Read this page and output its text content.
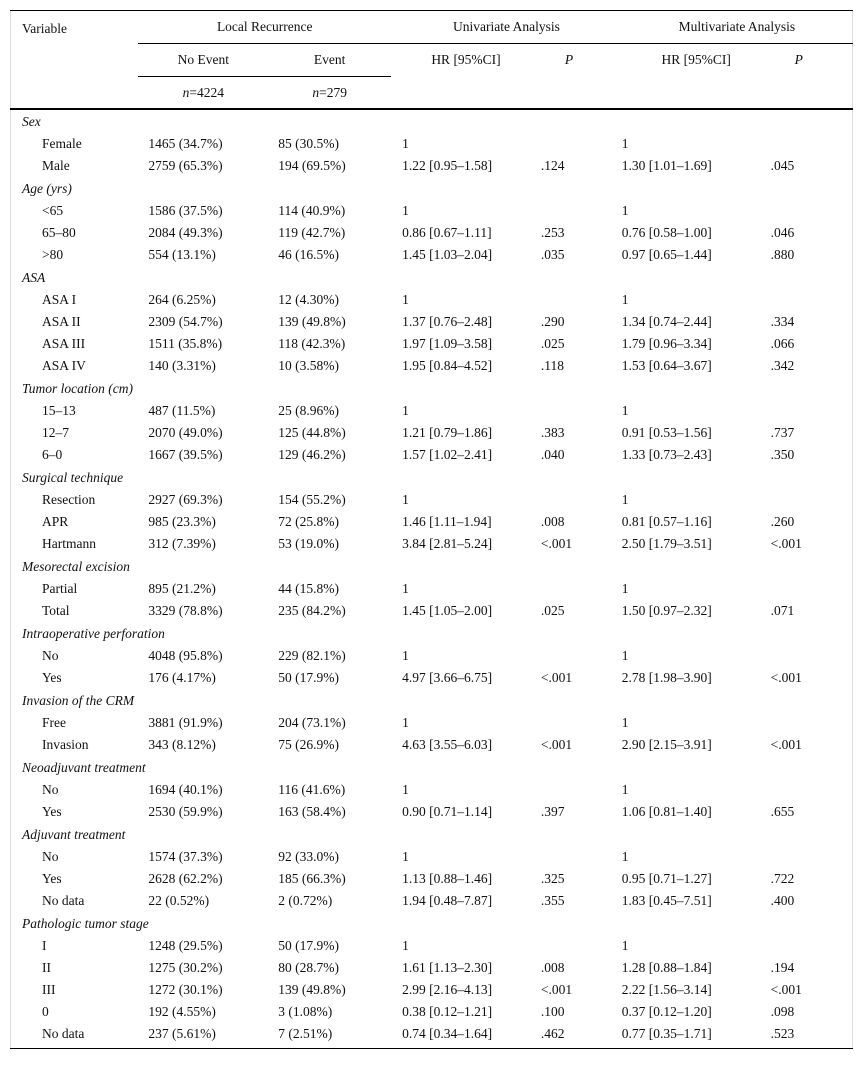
Variable	Local Recurrence		Univariate Analysis		Multivariate Analysis	
	No Event	Event	HR [95%CI]	P	HR [95%CI]	P
	n=4224	n=279				
Sex						
Female	1465 (34.7%)	85 (30.5%)	1		1	
Male	2759 (65.3%)	194 (69.5%)	1.22 [0.95–1.58]	.124	1.30 [1.01–1.69]	.045
Age (yrs)						
<65	1586 (37.5%)	114 (40.9%)	1		1	
65–80	2084 (49.3%)	119 (42.7%)	0.86 [0.67–1.11]	.253	0.76 [0.58–1.00]	.046
>80	554 (13.1%)	46 (16.5%)	1.45 [1.03–2.04]	.035	0.97 [0.65–1.44]	.880
ASA						
ASA I	264 (6.25%)	12 (4.30%)	1		1	
ASA II	2309 (54.7%)	139 (49.8%)	1.37 [0.76–2.48]	.290	1.34 [0.74–2.44]	.334
ASA III	1511 (35.8%)	118 (42.3%)	1.97 [1.09–3.58]	.025	1.79 [0.96–3.34]	.066
ASA IV	140 (3.31%)	10 (3.58%)	1.95 [0.84–4.52]	.118	1.53 [0.64–3.67]	.342
Tumor location (cm)						
15–13	487 (11.5%)	25 (8.96%)	1		1	
12–7	2070 (49.0%)	125 (44.8%)	1.21 [0.79–1.86]	.383	0.91 [0.53–1.56]	.737
6–0	1667 (39.5%)	129 (46.2%)	1.57 [1.02–2.41]	.040	1.33 [0.73–2.43]	.350
Surgical technique						
Resection	2927 (69.3%)	154 (55.2%)	1		1	
APR	985 (23.3%)	72 (25.8%)	1.46 [1.11–1.94]	.008	0.81 [0.57–1.16]	.260
Hartmann	312 (7.39%)	53 (19.0%)	3.84 [2.81–5.24]	<.001	2.50 [1.79–3.51]	<.001
Mesorectal excision						
Partial	895 (21.2%)	44 (15.8%)	1		1	
Total	3329 (78.8%)	235 (84.2%)	1.45 [1.05–2.00]	.025	1.50 [0.97–2.32]	.071
Intraoperative perforation						
No	4048 (95.8%)	229 (82.1%)	1		1	
Yes	176 (4.17%)	50 (17.9%)	4.97 [3.66–6.75]	<.001	2.78 [1.98–3.90]	<.001
Invasion of the CRM						
Free	3881 (91.9%)	204 (73.1%)	1		1	
Invasion	343 (8.12%)	75 (26.9%)	4.63 [3.55–6.03]	<.001	2.90 [2.15–3.91]	<.001
Neoadjuvant treatment						
No	1694 (40.1%)	116 (41.6%)	1		1	
Yes	2530 (59.9%)	163 (58.4%)	0.90 [0.71–1.14]	.397	1.06 [0.81–1.40]	.655
Adjuvant treatment						
No	1574 (37.3%)	92 (33.0%)	1		1	
Yes	2628 (62.2%)	185 (66.3%)	1.13 [0.88–1.46]	.325	0.95 [0.71–1.27]	.722
No data	22 (0.52%)	2 (0.72%)	1.94 [0.48–7.87]	.355	1.83 [0.45–7.51]	.400
Pathologic tumor stage						
I	1248 (29.5%)	50 (17.9%)	1		1	
II	1275 (30.2%)	80 (28.7%)	1.61 [1.13–2.30]	.008	1.28 [0.88–1.84]	.194
III	1272 (30.1%)	139 (49.8%)	2.99 [2.16–4.13]	<.001	2.22 [1.56–3.14]	<.001
0	192 (4.55%)	3 (1.08%)	0.38 [0.12–1.21]	.100	0.37 [0.12–1.20]	.098
No data	237 (5.61%)	7 (2.51%)	0.74 [0.34–1.64]	.462	0.77 [0.35–1.71]	.523
